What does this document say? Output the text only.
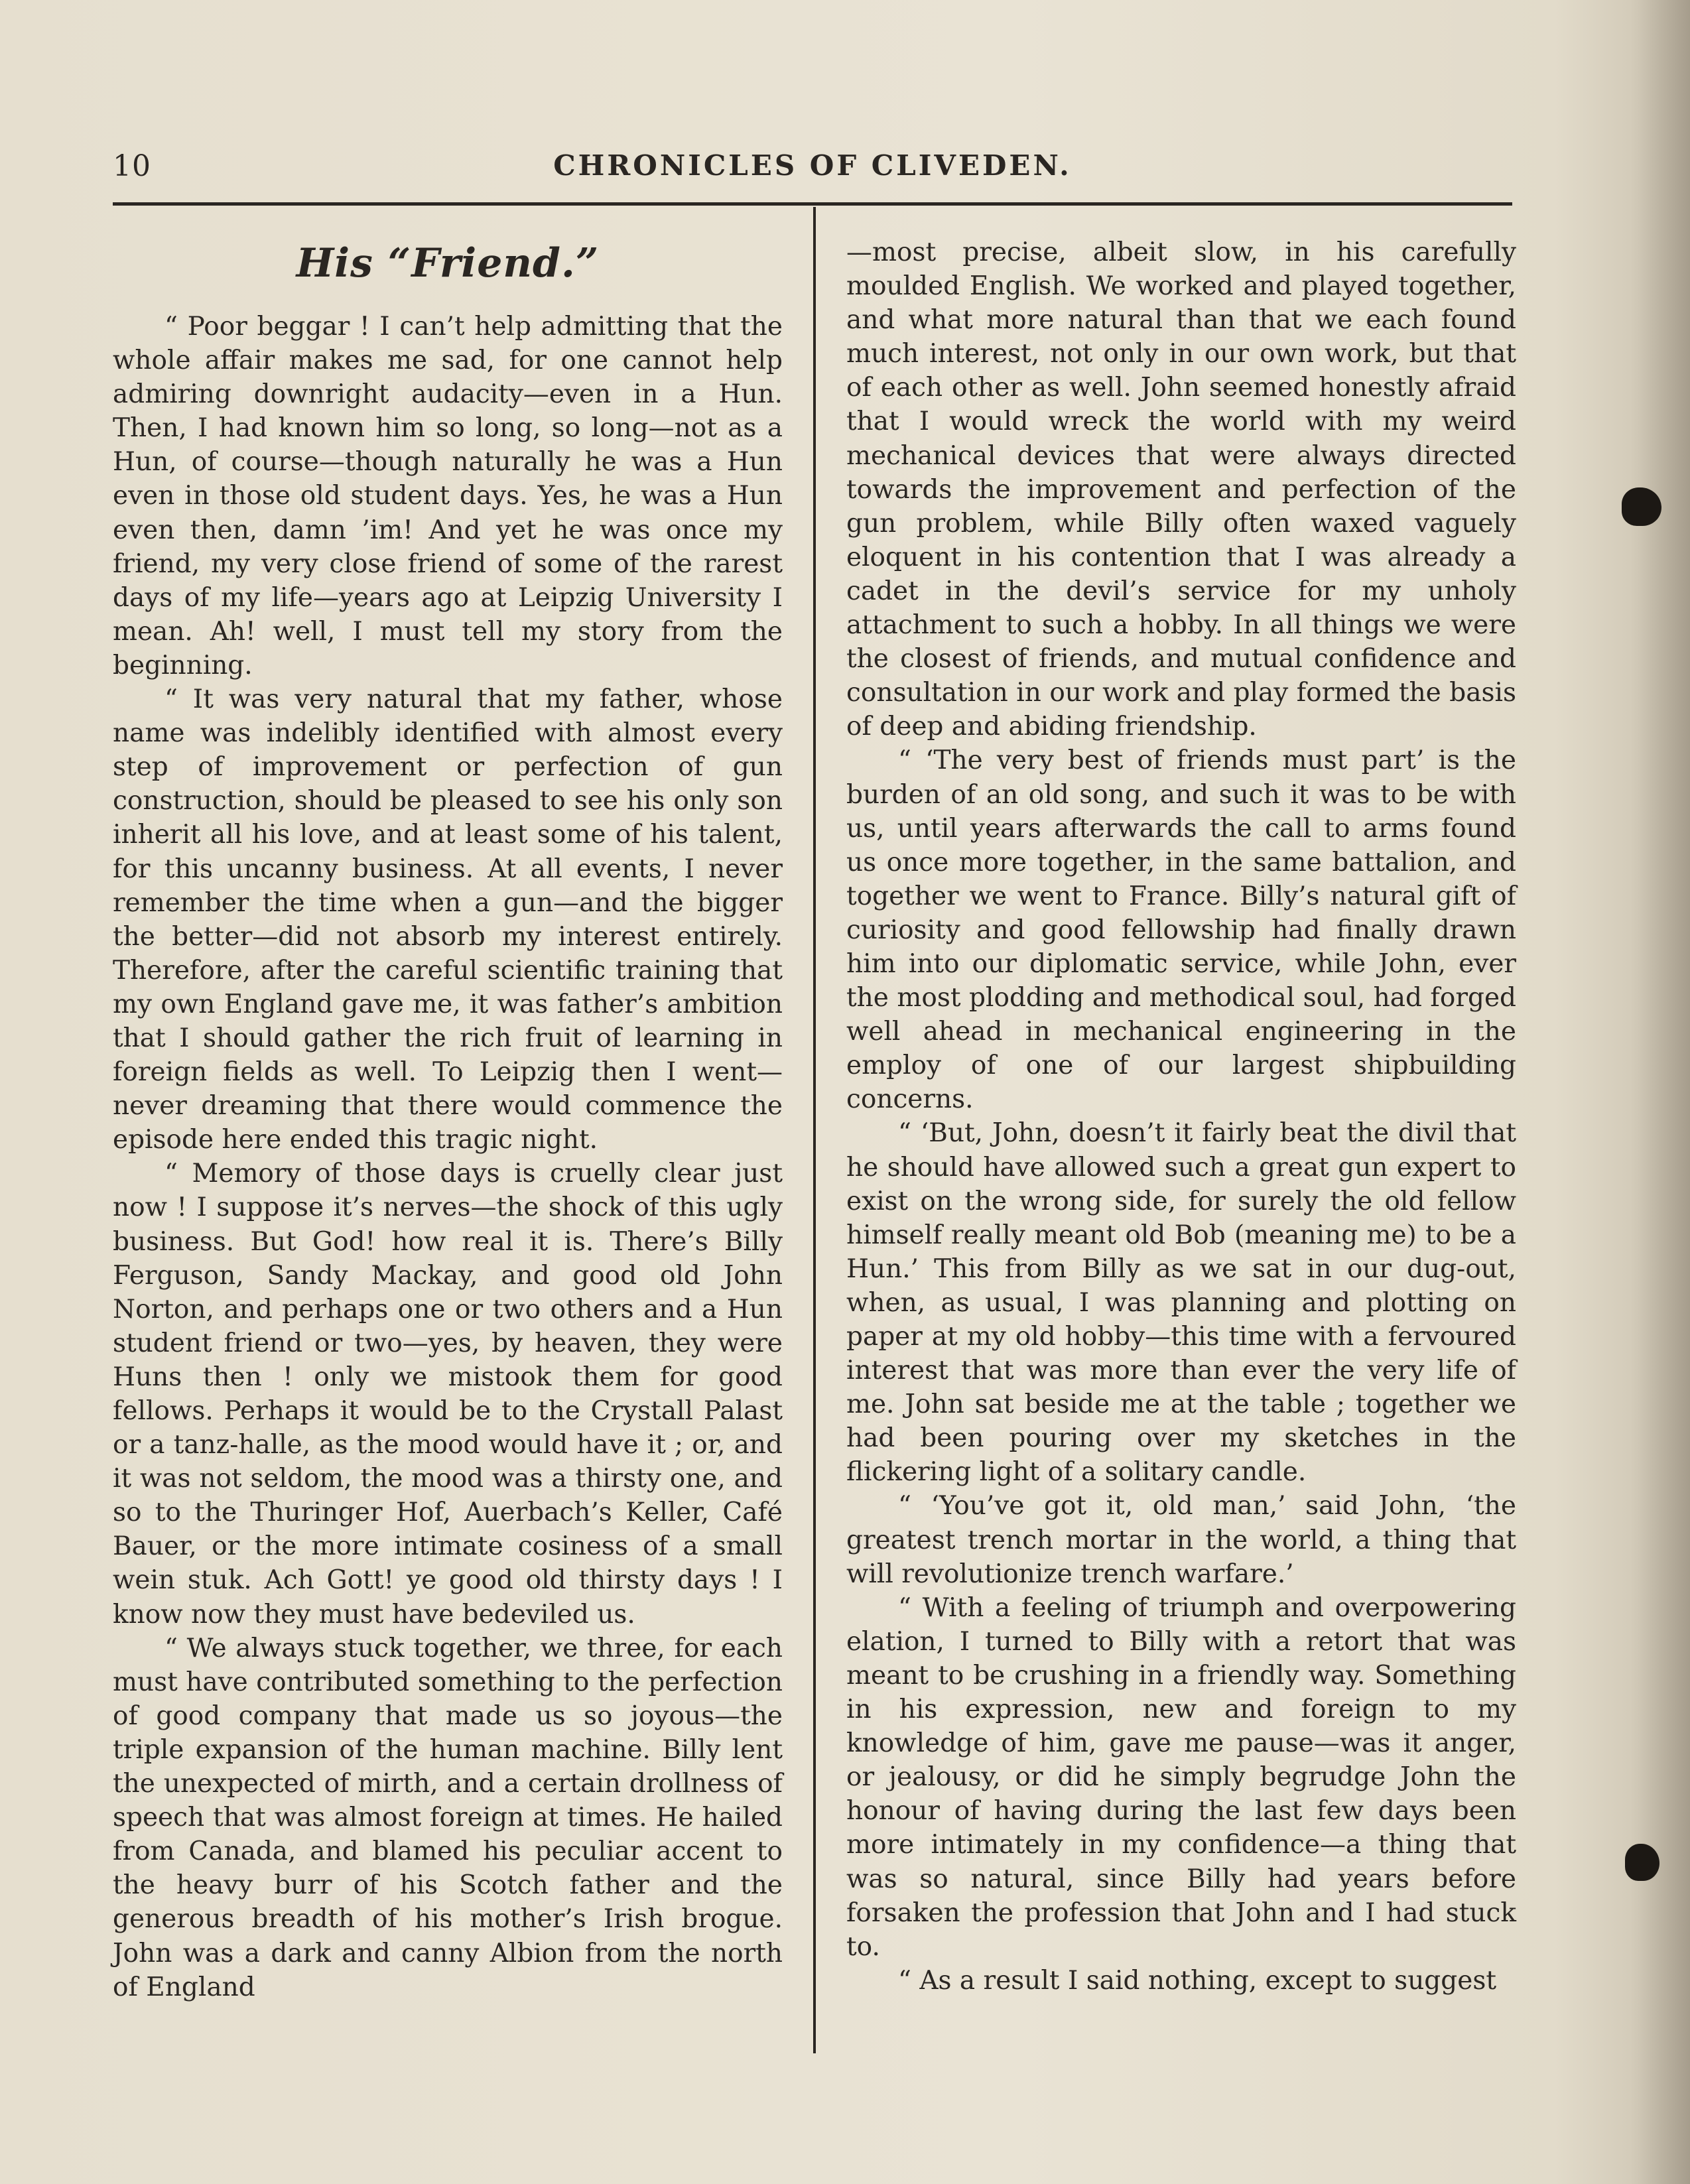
10	CHRONICLES OF CLIVEDEN.
His “Friend.”

“ Poor beggar ! I can’t help admitting that the whole affair makes me sad, for one cannot help admiring downright audacity—even in a Hun. Then, I had known him so long, so long—not as a Hun, of course—though naturally he was a Hun even in those old student days. Yes, he was a Hun even then, damn ’im! And yet he was once my friend, my very close friend of some of the rarest days of my life—years ago at Leipzig University I mean. Ah! well, I must tell my story from the beginning.

“ It was very natural that my father, whose name was indelibly identified with almost every step of improvement or perfection of gun construction, should be pleased to see his only son inherit all his love, and at least some of his talent, for this uncanny business. At all events, I never remember the time when a gun—and the bigger the better—did not absorb my interest entirely. Therefore, after the careful scientific training that my own England gave me, it was father’s ambition that I should gather the rich fruit of learning in foreign fields as well. To Leipzig then I went—never dreaming that there would commence the episode here ended this tragic night.

“ Memory of those days is cruelly clear just now ! I suppose it’s nerves—the shock of this ugly business. But God! how real it is. There’s Billy Ferguson, Sandy Mackay, and good old John Norton, and perhaps one or two others and a Hun student friend or two—yes, by heaven, they were Huns then ! only we mistook them for good fellows. Perhaps it would be to the Crystall Palast or a tanz-halle, as the mood would have it ; or, and it was not seldom, the mood was a thirsty one, and so to the Thuringer Hof, Auerbach’s Keller, Café Bauer, or the more intimate cosiness of a small wein stuk. Ach Gott! ye good old thirsty days ! I know now they must have bedeviled us.

“ We always stuck together, we three, for each must have contributed something to the perfection of good company that made us so joyous—the triple expansion of the human machine. Billy lent the unexpected of mirth, and a certain drollness of speech that was almost foreign at times. He hailed from Canada, and blamed his peculiar accent to the heavy burr of his Scotch father and the generous breadth of his mother’s Irish brogue. John was a dark and canny Albion from the north of England

—most precise, albeit slow, in his carefully moulded English. We worked and played together, and what more natural than that we each found much interest, not only in our own work, but that of each other as well. John seemed honestly afraid that I would wreck the world with my weird mechanical devices that were always directed towards the improvement and perfection of the gun problem, while Billy often waxed vaguely eloquent in his contention that I was already a cadet in the devil’s service for my unholy attachment to such a hobby. In all things we were the closest of friends, and mutual confidence and consultation in our work and play formed the basis of deep and abiding friendship.

“ ‘The very best of friends must part’ is the burden of an old song, and such it was to be with us, until years afterwards the call to arms found us once more together, in the same battalion, and together we went to France. Billy’s natural gift of curiosity and good fellowship had finally drawn him into our diplomatic service, while John, ever the most plodding and methodical soul, had forged well ahead in mechanical engineering in the employ of one of our largest shipbuilding concerns.

“ ‘But, John, doesn’t it fairly beat the divil that he should have allowed such a great gun expert to exist on the wrong side, for surely the old fellow himself really meant old Bob (meaning me) to be a Hun.’ This from Billy as we sat in our dug-out, when, as usual, I was planning and plotting on paper at my old hobby—this time with a fervoured interest that was more than ever the very life of me. John sat beside me at the table ; together we had been pouring over my sketches in the flickering light of a solitary candle.

“ ‘You’ve got it, old man,’ said John, ‘the greatest trench mortar in the world, a thing that will revolutionize trench warfare.’

“ With a feeling of triumph and overpowering elation, I turned to Billy with a retort that was meant to be crushing in a friendly way. Something in his expression, new and foreign to my knowledge of him, gave me pause—was it anger, or jealousy, or did he simply begrudge John the honour of having during the last few days been more intimately in my confidence—a thing that was so natural, since Billy had years before forsaken the profession that John and I had stuck to.

“ As a result I said nothing, except to suggest
